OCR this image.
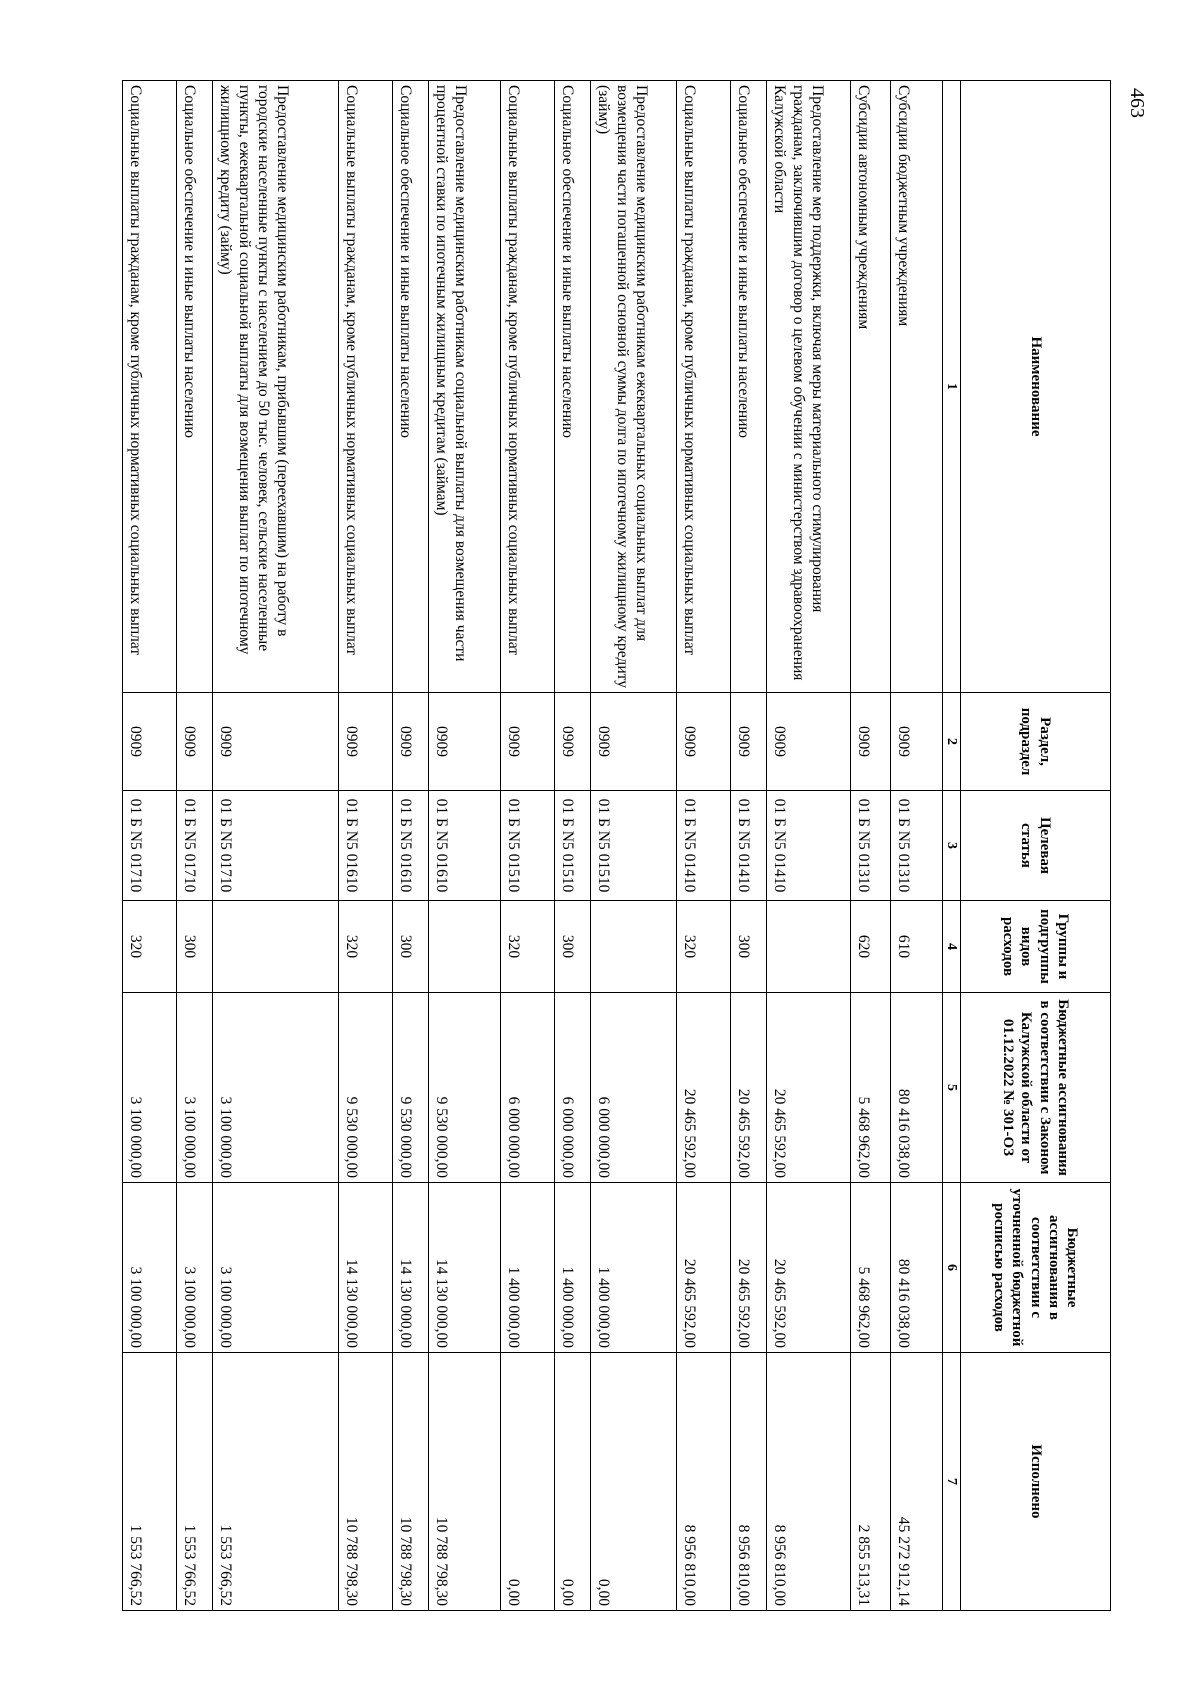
463
Наименование	Раздел, подраздел	Целевая статья	Группы и подгруппы видов расходов	Бюджетные ассигнования в соответствии с Законом Калужской области от 01.12.2022 № 301-ОЗ	Бюджетные ассигнования в соответствии с уточненной бюджетной росписью расходов	Исполнено
1	2	3	4	5	6	7
Субсидии бюджетным учреждениям	0909	01 Б N5 01310	610	80 416 038,00	80 416 038,00	45 272 912,14
Субсидии автономным учреждениям	0909	01 Б N5 01310	620	5 468 962,00	5 468 962,00	2 855 513,31
Предоставление мер поддержки, включая меры материального стимулирования гражданам, заключившим договор о целевом обучении с министерством здравоохранения Калужской области	0909	01 Б N5 01410		20 465 592,00	20 465 592,00	8 956 810,00
Социальное обеспечение и иные выплаты населению	0909	01 Б N5 01410	300	20 465 592,00	20 465 592,00	8 956 810,00
Социальные выплаты гражданам, кроме публичных нормативных социальных выплат	0909	01 Б N5 01410	320	20 465 592,00	20 465 592,00	8 956 810,00
Предоставление медицинским работникам ежеквартальных социальных выплат для возмещения части погашенной основной суммы долга по ипотечному жилищному кредиту (займу)	0909	01 Б N5 01510		6 000 000,00	1 400 000,00	0,00
Социальное обеспечение и иные выплаты населению	0909	01 Б N5 01510	300	6 000 000,00	1 400 000,00	0,00
Социальные выплаты гражданам, кроме публичных нормативных социальных выплат	0909	01 Б N5 01510	320	6 000 000,00	1 400 000,00	0,00
Предоставление медицинским работникам социальной выплаты для возмещения части процентной ставки по ипотечным жилищным кредитам (займам)	0909	01 Б N5 01610		9 530 000,00	14 130 000,00	10 788 798,30
Социальное обеспечение и иные выплаты населению	0909	01 Б N5 01610	300	9 530 000,00	14 130 000,00	10 788 798,30
Социальные выплаты гражданам, кроме публичных нормативных социальных выплат	0909	01 Б N5 01610	320	9 530 000,00	14 130 000,00	10 788 798,30
Предоставление медицинским работникам, прибывшим (переехавшим) на работу в городские населенные пункты с населением до 50 тыс. человек, сельские населенные пункты, ежеквартальной социальной выплаты для возмещения выплат по ипотечному жилищному кредиту (займу)	0909	01 Б N5 01710		3 100 000,00	3 100 000,00	1 553 766,52
Социальное обеспечение и иные выплаты населению	0909	01 Б N5 01710	300	3 100 000,00	3 100 000,00	1 553 766,52
Социальные выплаты гражданам, кроме публичных нормативных социальных выплат	0909	01 Б N5 01710	320	3 100 000,00	3 100 000,00	1 553 766,52
